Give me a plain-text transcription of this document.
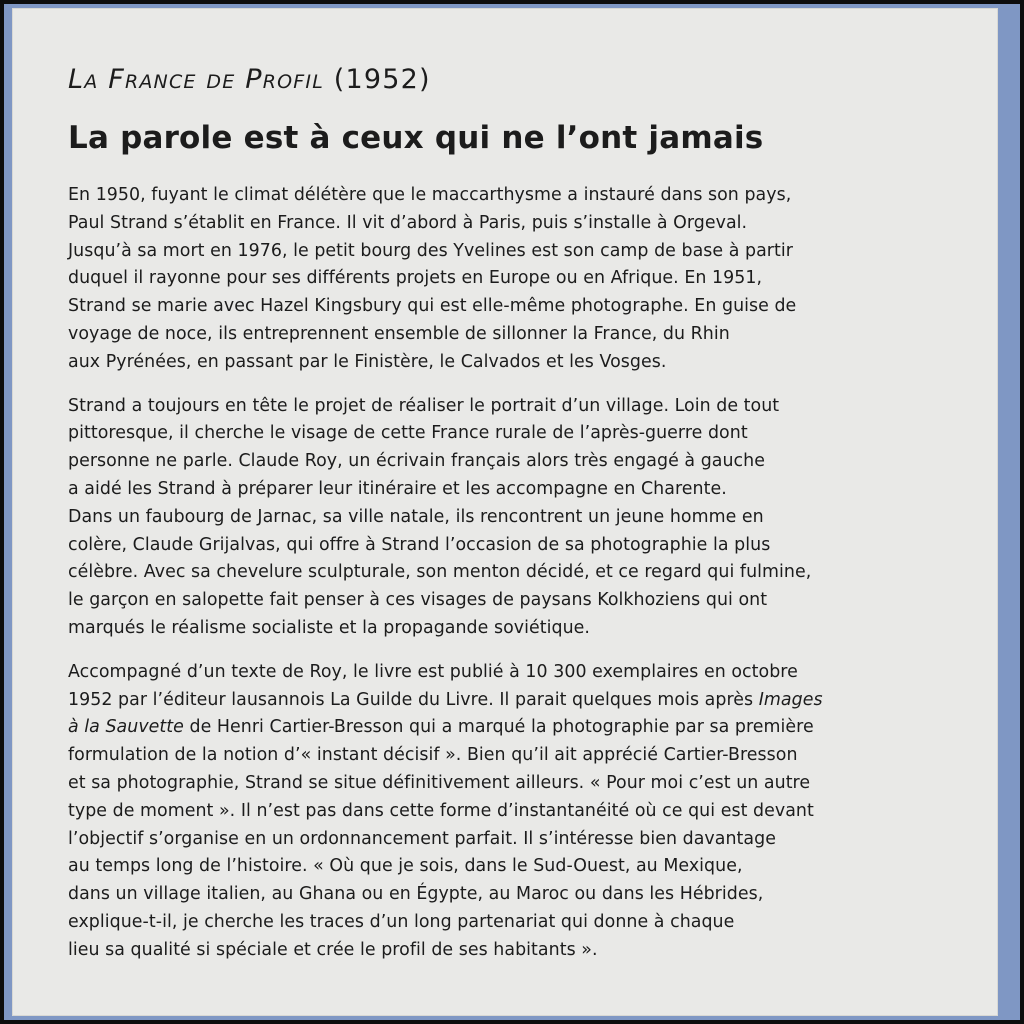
La France de Profil (1952)
La parole est à ceux qui ne l’ont jamais

En 1950, fuyant le climat délétère que le maccarthysme a instauré dans son pays,
Paul Strand s’établit en France. Il vit d’abord à Paris, puis s’installe à Orgeval.
Jusqu’à sa mort en 1976, le petit bourg des Yvelines est son camp de base à partir
duquel il rayonne pour ses différents projets en Europe ou en Afrique. En 1951,
Strand se marie avec Hazel Kingsbury qui est elle-même photographe. En guise de
voyage de noce, ils entreprennent ensemble de sillonner la France, du Rhin
aux Pyrénées, en passant par le Finistère, le Calvados et les Vosges.

Strand a toujours en tête le projet de réaliser le portrait d’un village. Loin de tout
pittoresque, il cherche le visage de cette France rurale de l’après-guerre dont
personne ne parle. Claude Roy, un écrivain français alors très engagé à gauche
a aidé les Strand à préparer leur itinéraire et les accompagne en Charente.
Dans un faubourg de Jarnac, sa ville natale, ils rencontrent un jeune homme en
colère, Claude Grijalvas, qui offre à Strand l’occasion de sa photographie la plus
célèbre. Avec sa chevelure sculpturale, son menton décidé, et ce regard qui fulmine,
le garçon en salopette fait penser à ces visages de paysans Kolkhoziens qui ont
marqués le réalisme socialiste et la propagande soviétique.

Accompagné d’un texte de Roy, le livre est publié à 10 300 exemplaires en octobre
1952 par l’éditeur lausannois La Guilde du Livre. Il parait quelques mois après Images
à la Sauvette de Henri Cartier-Bresson qui a marqué la photographie par sa première
formulation de la notion d’« instant décisif ». Bien qu’il ait apprécié Cartier-Bresson
et sa photographie, Strand se situe définitivement ailleurs. « Pour moi c’est un autre
type de moment ». Il n’est pas dans cette forme d’instantanéité où ce qui est devant
l’objectif s’organise en un ordonnancement parfait. Il s’intéresse bien davantage
au temps long de l’histoire. « Où que je sois, dans le Sud-Ouest, au Mexique,
dans un village italien, au Ghana ou en Égypte, au Maroc ou dans les Hébrides,
explique-t-il, je cherche les traces d’un long partenariat qui donne à chaque
lieu sa qualité si spéciale et crée le profil de ses habitants ».
